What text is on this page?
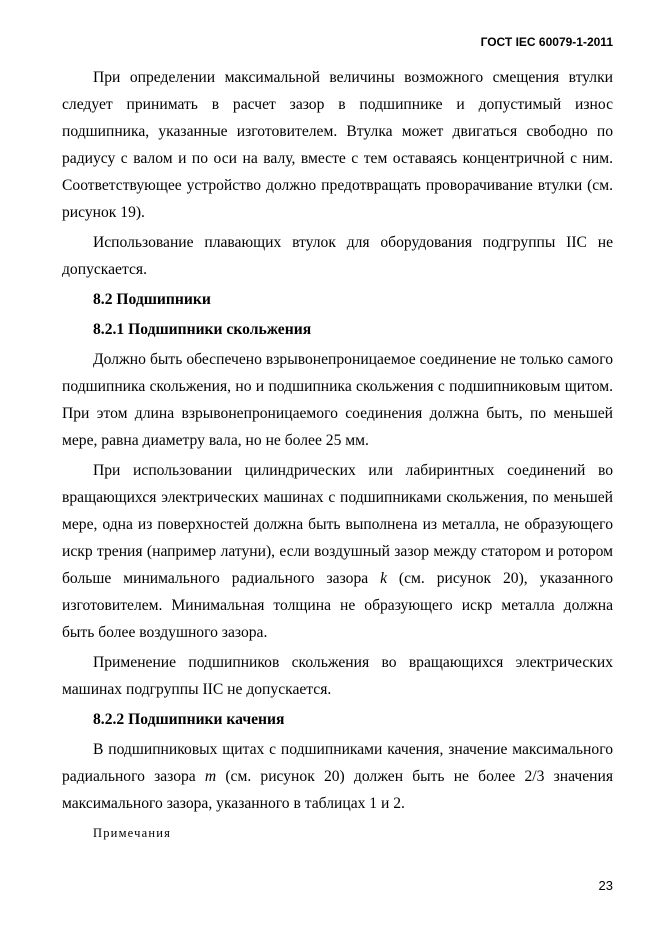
ГОСТ IEC 60079-1-2011

При определении максимальной величины возможного смещения втулки следует принимать в расчет зазор в подшипнике и допустимый износ подшипника, указанные изготовителем. Втулка может двигаться свободно по радиусу с валом и по оси на валу, вместе с тем оставаясь концентричной с ним. Соответствующее устройство должно предотвращать проворачивание втулки (см. рисунок 19).

Использование плавающих втулок для оборудования подгруппы IIС не допускается.

8.2 Подшипники

8.2.1 Подшипники скольжения

Должно быть обеспечено взрывонепроницаемое соединение не только самого подшипника скольжения, но и подшипника скольжения с подшипниковым щитом. При этом длина взрывонепроницаемого соединения должна быть, по меньшей мере, равна диаметру вала, но не более 25 мм.

При использовании цилиндрических или лабиринтных соединений во вращающихся электрических машинах с подшипниками скольжения, по меньшей мере, одна из поверхностей должна быть выполнена из металла, не образующего искр трения (например латуни), если воздушный зазор между статором и ротором больше минимального радиального зазора k (см. рисунок 20), указанного изготовителем. Минимальная толщина не образующего искр металла должна быть более воздушного зазора.

Применение подшипников скольжения во вращающихся электрических машинах подгруппы IIС не допускается.

8.2.2 Подшипники качения

В подшипниковых щитах с подшипниками качения, значение максимального радиального зазора m (см. рисунок 20) должен быть не более 2/3 значения максимального зазора, указанного в таблицах 1 и 2.

Примечания

23
